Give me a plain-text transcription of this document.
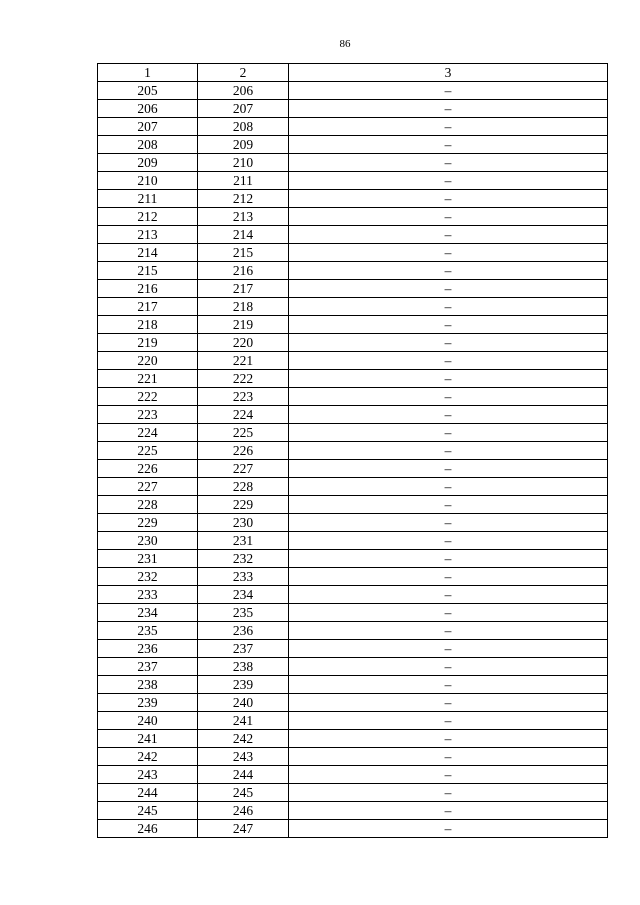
86
1	2	3
205	206	–
206	207	–
207	208	–
208	209	–
209	210	–
210	211	–
211	212	–
212	213	–
213	214	–
214	215	–
215	216	–
216	217	–
217	218	–
218	219	–
219	220	–
220	221	–
221	222	–
222	223	–
223	224	–
224	225	–
225	226	–
226	227	–
227	228	–
228	229	–
229	230	–
230	231	–
231	232	–
232	233	–
233	234	–
234	235	–
235	236	–
236	237	–
237	238	–
238	239	–
239	240	–
240	241	–
241	242	–
242	243	–
243	244	–
244	245	–
245	246	–
246	247	–
